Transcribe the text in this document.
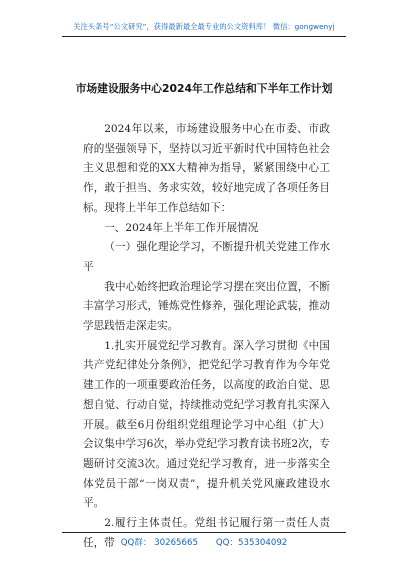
关注头条号“公文研究”，获得最新最全最专业的公文资料库！ 微信：gongwenyj
市场建设服务中心2024年工作总结和下半年工作计划

2024年以来，市场建设服务中心在市委、市政府的坚强领导下，坚持以习近平新时代中国特色社会主义思想和党的XX大精神为指导，紧紧围绕中心工作，敢于担当、务求实效，较好地完成了各项任务目标。现将上半年工作总结如下：

一、2024年上半年工作开展情况

（一）强化理论学习，不断提升机关党建工作水平

我中心始终把政治理论学习摆在突出位置，不断丰富学习形式，锤炼党性修养，强化理论武装，推动学思践悟走深走实。

1.扎实开展党纪学习教育。深入学习贯彻《中国共产党纪律处分条例》，把党纪学习教育作为今年党建工作的一项重要政治任务，以高度的政治自觉、思想自觉、行动自觉，持续推动党纪学习教育扎实深入开展。截至6月份组织党组理论学习中心组（扩大）会议集中学习6次，举办党纪学习教育读书班2次，专题研讨交流3次。通过党纪学习教育，进一步落实全体党员干部“一岗双责”，提升机关党风廉政建设水平。

2.履行主体责任。党组书记履行第一责任人责任，带 QQ群： 30265665 QQ：535304092
